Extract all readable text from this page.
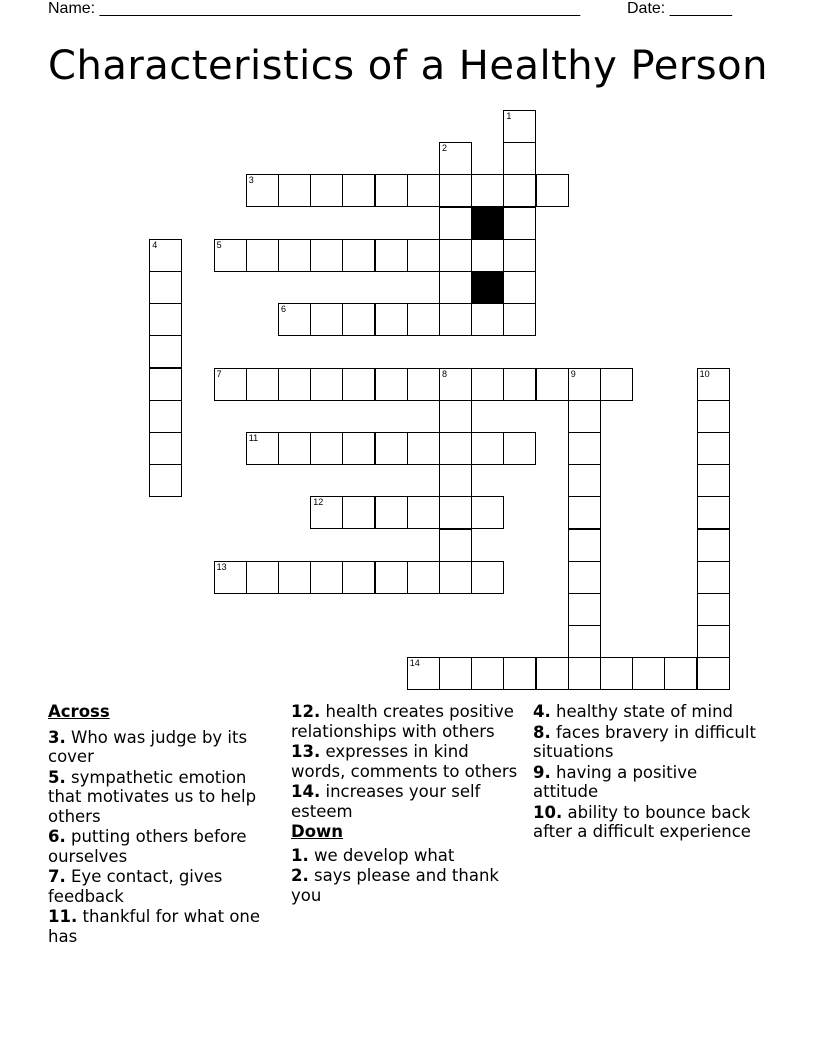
Name: ______________________________________________________	Date: _______
Characteristics of a Healthy Person
1
2
3
4	5
6
7	8	9	10
11
12
13
14
Across
3. Who was judge by its cover
5. sympathetic emotion that motivates us to help others
6. putting others before ourselves
7. Eye contact, gives feedback
11. thankful for what one has
12. health creates positive relationships with others
13. expresses in kind words, comments to others
14. increases your self esteem
Down
1. we develop what
2. says please and thank you
4. healthy state of mind
8. faces bravery in difficult situations
9. having a positive attitude
10. ability to bounce back after a difficult experience
